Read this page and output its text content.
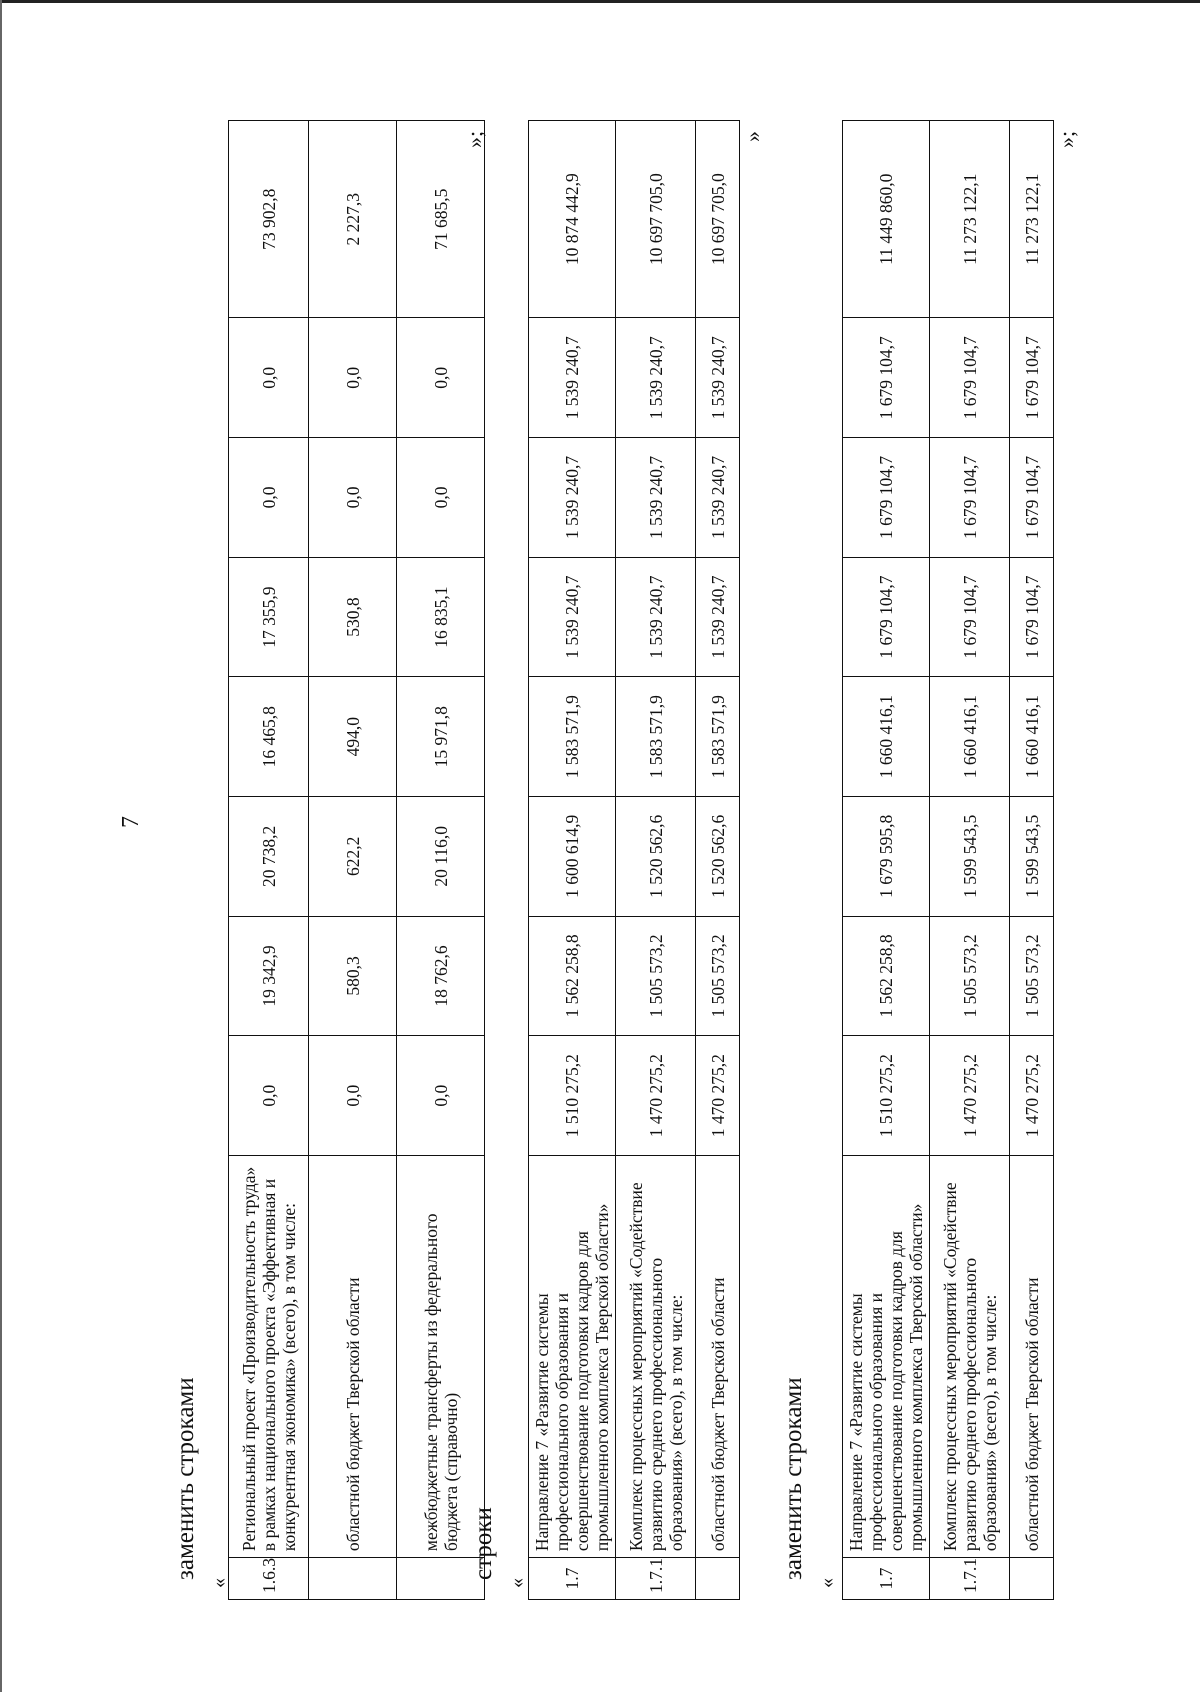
7
заменить строками
« 1.6.3	Региональный проект «Производительность труда» в рамках национального проекта «Эффективная и конкурентная экономика» (всего), в том числе:	0,0	19 342,9	20 738,2	16 465,8	17 355,9	0,0	0,0	73 902,8
	областной бюджет Тверской области	0,0	580,3	622,2	494,0	530,8	0,0	0,0	2 227,3
	межбюджетные трансферты из федерального бюджета (справочно)	0,0	18 762,6	20 116,0	15 971,8	16 835,1	0,0	0,0	71 685,5
»;
строки
« 1.7	Направление 7 «Развитие системы профессионального образования и совершенствование подготовки кадров для промышленного комплекса Тверской области»	1 510 275,2	1 562 258,8	1 600 614,9	1 583 571,9	1 539 240,7	1 539 240,7	1 539 240,7	10 874 442,9
1.7.1	Комплекс процессных мероприятий «Содействие развитию среднего профессионального образования» (всего), в том числе:	1 470 275,2	1 505 573,2	1 520 562,6	1 583 571,9	1 539 240,7	1 539 240,7	1 539 240,7	10 697 705,0
	областной бюджет Тверской области	1 470 275,2	1 505 573,2	1 520 562,6	1 583 571,9	1 539 240,7	1 539 240,7	1 539 240,7	10 697 705,0
»
заменить строками
« 1.7	Направление 7 «Развитие системы профессионального образования и совершенствование подготовки кадров для промышленного комплекса Тверской области»	1 510 275,2	1 562 258,8	1 679 595,8	1 660 416,1	1 679 104,7	1 679 104,7	1 679 104,7	11 449 860,0
1.7.1	Комплекс процессных мероприятий «Содействие развитию среднего профессионального образования» (всего), в том числе:	1 470 275,2	1 505 573,2	1 599 543,5	1 660 416,1	1 679 104,7	1 679 104,7	1 679 104,7	11 273 122,1
	областной бюджет Тверской области	1 470 275,2	1 505 573,2	1 599 543,5	1 660 416,1	1 679 104,7	1 679 104,7	1 679 104,7	11 273 122,1
»;
